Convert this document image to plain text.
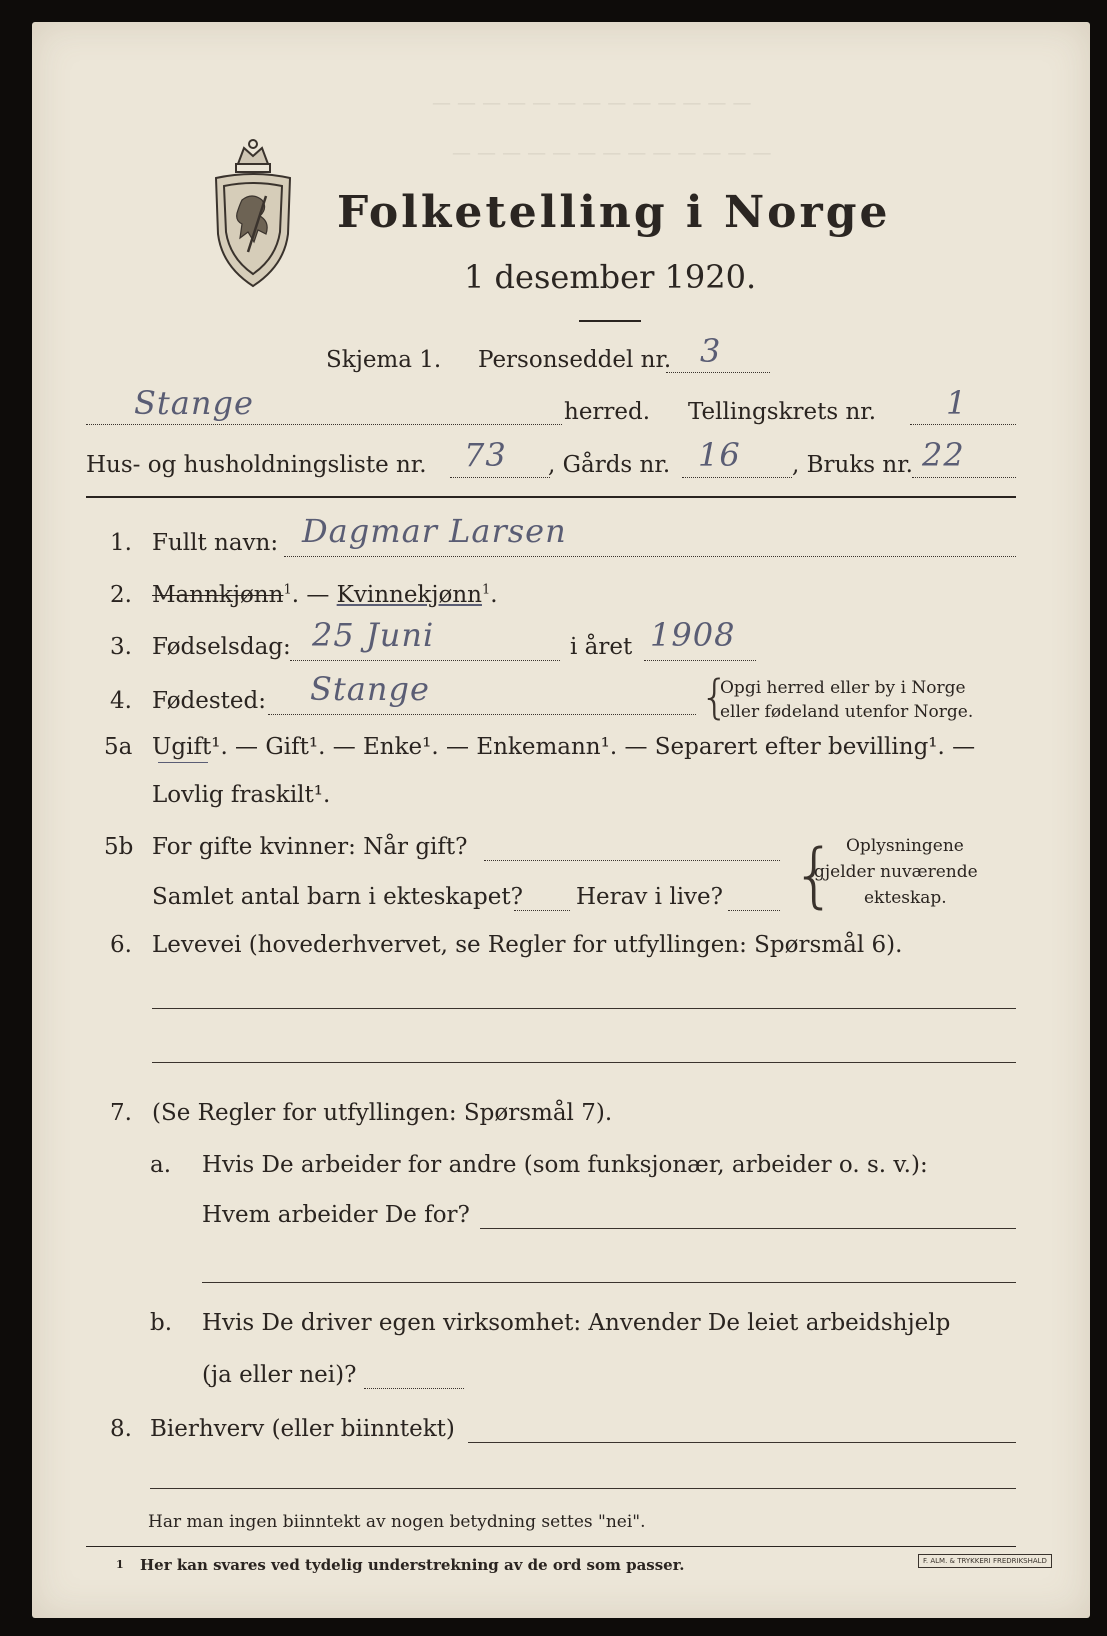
— — — — — — — — — — — — —
— — — — — — — — — — — — —
Folketelling i Norge
1 desember 1920.
Skjema 1. Personseddel nr. 3
Stange	herred. Tellingskrets nr. 1
Hus- og husholdningsliste nr. 73 , Gårds nr. 16 , Bruks nr. 22
1. Fullt navn: Dagmar Larsen
2. Mannkjønn$^1$. — Kvinnekjønn$^1$.
3. Fødselsdag: 25 Juni	i året 1908
4. Fødested: Stange	{
Opgi herred eller by i Norge
eller fødeland utenfor Norge.
5a Ugift¹. — Gift¹. — Enke¹. — Enkemann¹. — Separert efter bevilling¹. —
Lovlig fraskilt¹.
5b For gifte kvinner: Når gift?
Samlet antal barn i ekteskapet? Herav i live? { Oplysningene
gjelder nuværende
ekteskap.
6. Levevei (hovederhvervet, se Regler for utfyllingen: Spørsmål 6).
7. (Se Regler for utfyllingen: Spørsmål 7).
a. Hvis De arbeider for andre (som funksjonær, arbeider o. s. v.):
Hvem arbeider De for?
b. Hvis De driver egen virksomhet: Anvender De leiet arbeidshjelp
(ja eller nei)?
8. Bierhverv (eller biinntekt)
Har man ingen biinntekt av nogen betydning settes "nei".
1 Her kan svares ved tydelig understrekning av de ord som passer.	F. ALM. & TRYKKERI FREDRIKSHALD
